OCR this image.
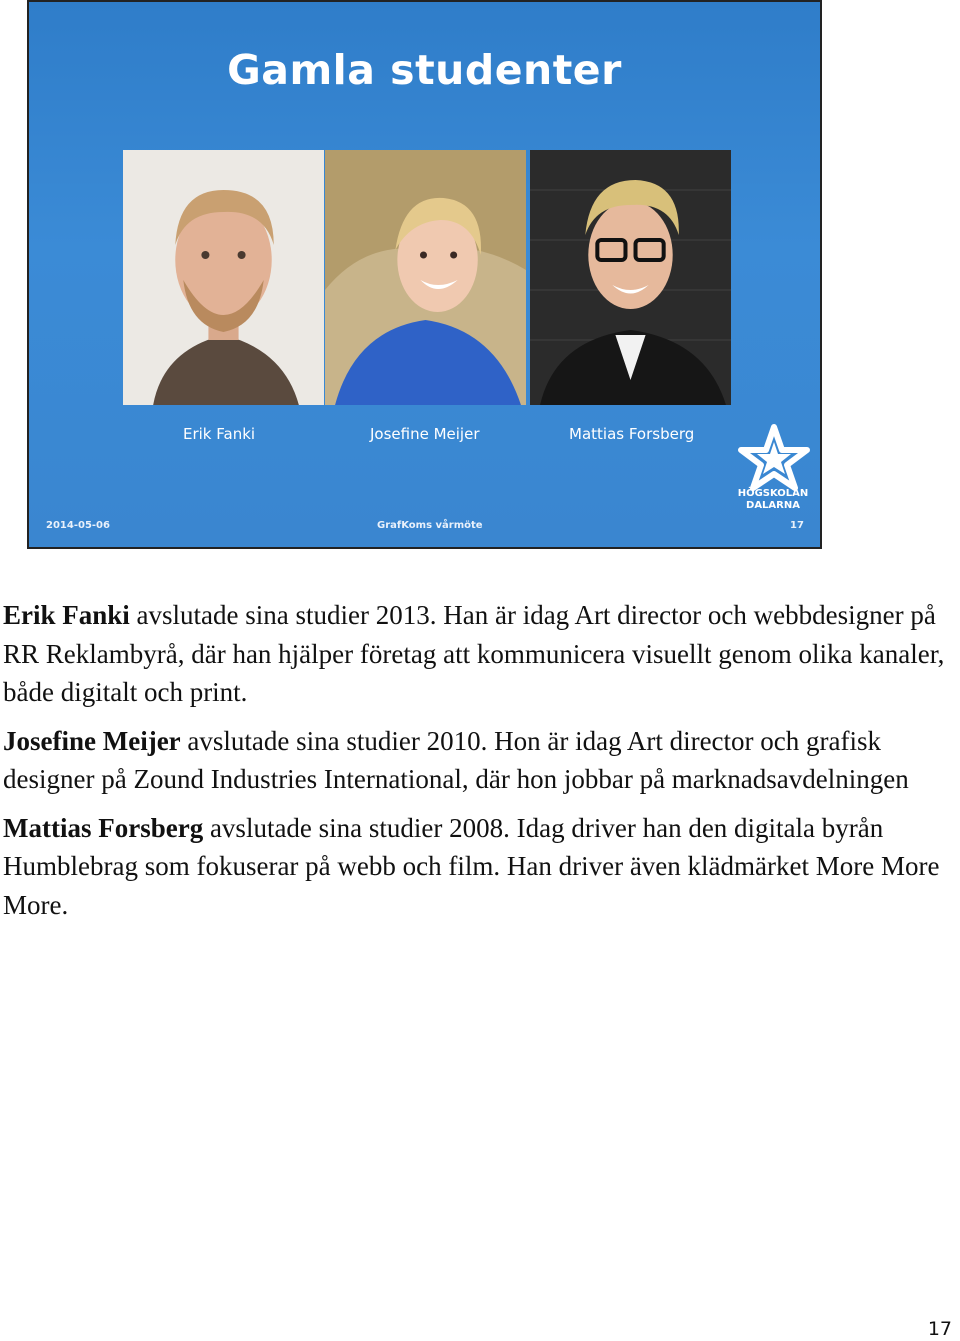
Gamla studenter
Erik Fanki	Josefine Meijer	Mattias Forsberg
HÖGSKOLAN
DALARNA
2014-05-06	GrafKoms vårmöte	17

Erik Fanki avslutade sina studier 2013. Han är idag Art director och webbdesigner på RR Reklambyrå, där han hjälper företag att kommunicera visuellt genom olika kanaler, både digitalt och print.

Josefine Meijer avslutade sina studier 2010. Hon är idag Art director och grafisk designer på Zound Industries International, där hon jobbar på marknadsavdelningen

Mattias Forsberg avslutade sina studier 2008. Idag driver han den digitala byrån Humblebrag som fokuserar på webb och film. Han driver även klädmärket More More More.

17
